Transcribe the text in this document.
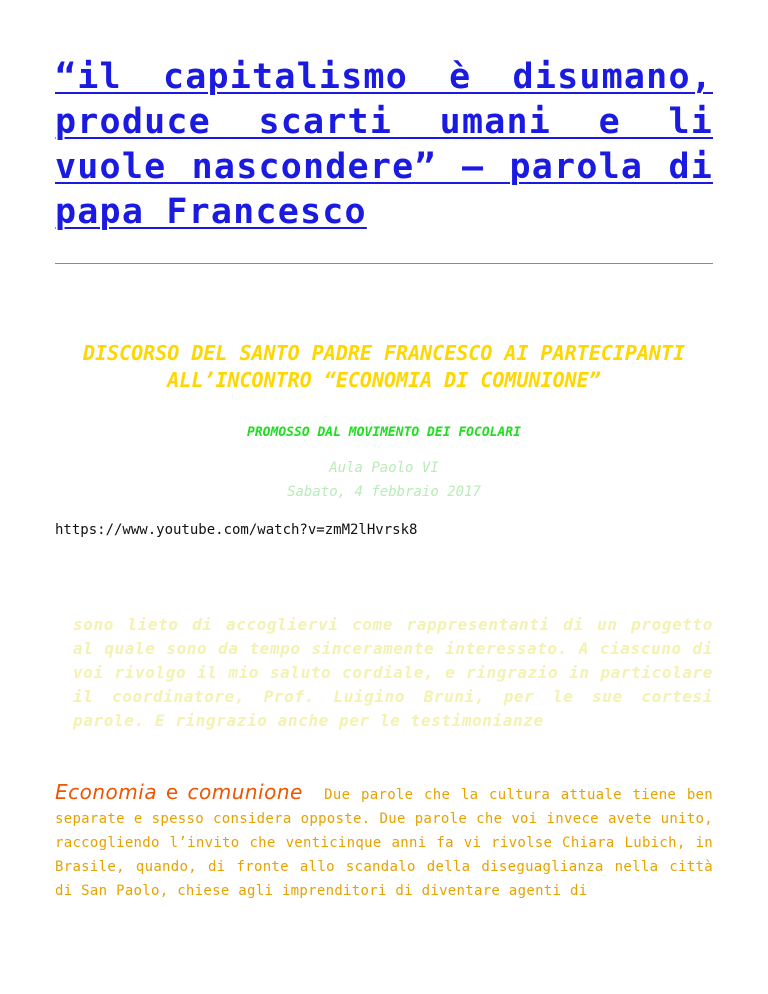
“il capitalismo è disumano, produce scarti umani e li vuole nascondere” – parola di papa Francesco
DISCORSO DEL SANTO PADRE FRANCESCO AI PARTECIPANTI ALL’INCONTRO “ECONOMIA DI COMUNIONE”
PROMOSSO DAL MOVIMENTO DEI FOCOLARI
Aula Paolo VI
Sabato, 4 febbraio 2017
https://www.youtube.com/watch?v=zmM2lHvrsk8
sono lieto di accogliervi come rappresentanti di un progetto al quale sono da tempo sinceramente interessato. A ciascuno di voi rivolgo il mio saluto cordiale, e ringrazio in particolare il coordinatore, Prof. Luigino Bruni, per le sue cortesi parole. E ringrazio anche per le testimonianze

Economia e comunione Due parole che la cultura attuale tiene ben separate e spesso considera opposte. Due parole che voi invece avete unito, raccogliendo l’invito che venticinque anni fa vi rivolse Chiara Lubich, in Brasile, quando, di fronte allo scandalo della diseguaglianza nella città di San Paolo, chiese agli imprenditori di diventare agenti di
